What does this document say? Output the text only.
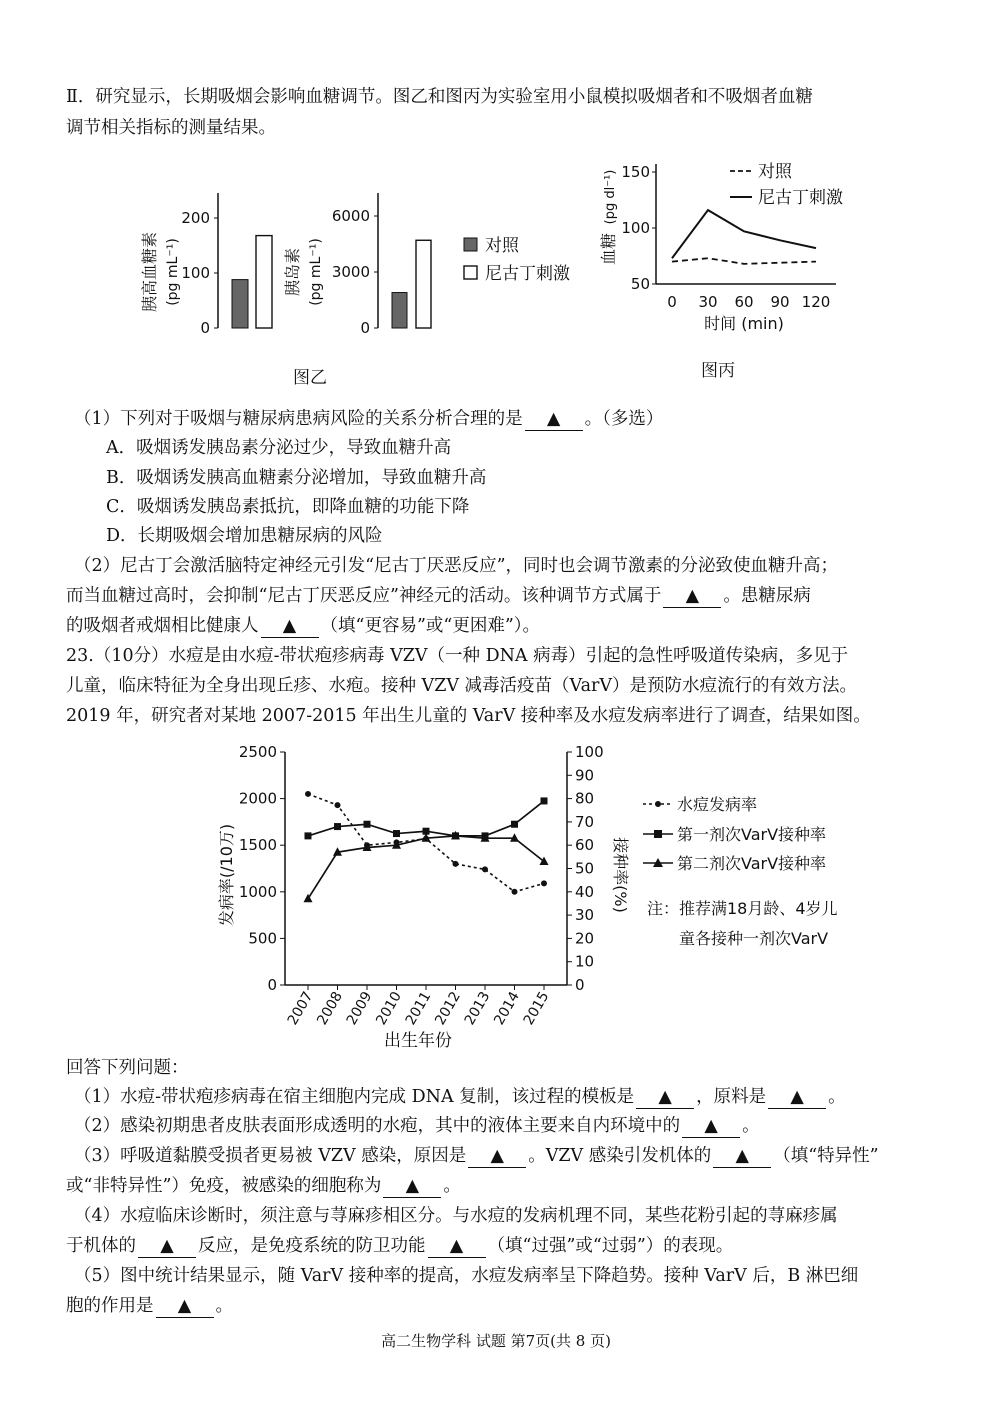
Ⅱ．研究显示，长期吸烟会影响血糖调节。图乙和图丙为实验室用小鼠模拟吸烟者和不吸烟者血糖
调节相关指标的测量结果。
胰高血糖素 (pg mL⁻¹)
0
100
200
胰岛素 (pg mL⁻¹)
0
3000
6000
对照
尼古丁刺激
图乙
血糖
(pg dl⁻¹)
50
100
150
0 30 60 90 120
时间 (min)
对照
尼古丁刺激
图丙
（1）下列对于吸烟与糖尿病患病风险的关系分析合理的是 ▲ 。（多选）
A．吸烟诱发胰岛素分泌过少，导致血糖升高
B．吸烟诱发胰高血糖素分泌增加，导致血糖升高
C．吸烟诱发胰岛素抵抗，即降血糖的功能下降
D．长期吸烟会增加患糖尿病的风险
（2）尼古丁会激活脑特定神经元引发“尼古丁厌恶反应”，同时也会调节激素的分泌致使血糖升高；
而当血糖过高时，会抑制“尼古丁厌恶反应”神经元的活动。该种调节方式属于 ▲ 。患糖尿病
的吸烟者戒烟相比健康人 ▲ （填“更容易”或“更困难”）。
23.（10分）水痘是由水痘-带状疱疹病毒 VZV（一种 DNA 病毒）引起的急性呼吸道传染病，多见于
儿童，临床特征为全身出现丘疹、水疱。接种 VZV 减毒活疫苗（VarV）是预防水痘流行的有效方法。
2019 年，研究者对某地 2007-2015 年出生儿童的 VarV 接种率及水痘发病率进行了调查，结果如图。
发病率(/10万)	接种率(%)
0
500
1000
1500
2000
2500
0
10
20
30
40
50
60
70
80
90
100
2007
2008
2009
2010
2011
2012
2013
2014
2015
出生年份
水痘发病率
第一剂次VarV接种率
第二剂次VarV接种率
注：推荐满18月龄、4岁儿
童各接种一剂次VarV
回答下列问题：
（1）水痘-带状疱疹病毒在宿主细胞内完成 DNA 复制，该过程的模板是 ▲ ，原料是 ▲ 。
（2）感染初期患者皮肤表面形成透明的水疱，其中的液体主要来自内环境中的 ▲ 。
（3）呼吸道黏膜受损者更易被 VZV 感染，原因是 ▲ 。VZV 感染引发机体的 ▲ （填“特异性”
或“非特异性”）免疫，被感染的细胞称为 ▲ 。
（4）水痘临床诊断时，须注意与荨麻疹相区分。与水痘的发病机理不同，某些花粉引起的荨麻疹属
于机体的 ▲ 反应，是免疫系统的防卫功能 ▲ （填“过强”或“过弱”）的表现。
（5）图中统计结果显示，随 VarV 接种率的提高，水痘发病率呈下降趋势。接种 VarV 后，B 淋巴细
胞的作用是 ▲ 。
高二生物学科 试题 第7页(共 8 页)
